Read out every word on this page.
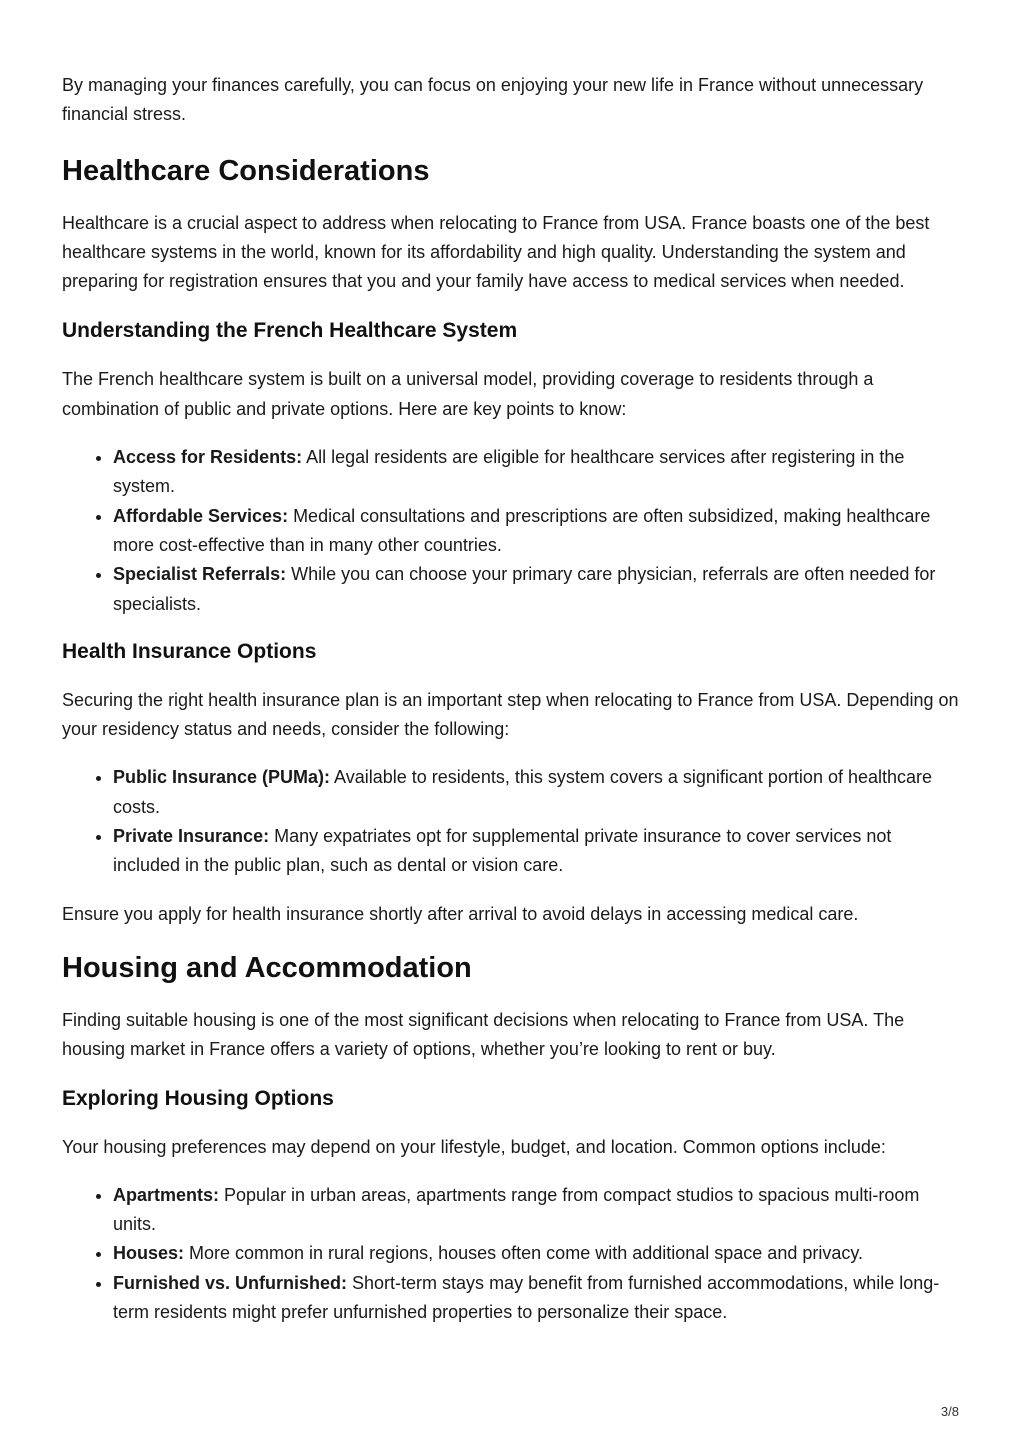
By managing your finances carefully, you can focus on enjoying your new life in France without unnecessary financial stress.

Healthcare Considerations

Healthcare is a crucial aspect to address when relocating to France from USA. France boasts one of the best healthcare systems in the world, known for its affordability and high quality. Understanding the system and preparing for registration ensures that you and your family have access to medical services when needed.

Understanding the French Healthcare System

The French healthcare system is built on a universal model, providing coverage to residents through a combination of public and private options. Here are key points to know:

• Access for Residents: All legal residents are eligible for healthcare services after registering in the system.
• Affordable Services: Medical consultations and prescriptions are often subsidized, making healthcare more cost-effective than in many other countries.
• Specialist Referrals: While you can choose your primary care physician, referrals are often needed for specialists.
Health Insurance Options

Securing the right health insurance plan is an important step when relocating to France from USA. Depending on your residency status and needs, consider the following:

• Public Insurance (PUMa): Available to residents, this system covers a significant portion of healthcare costs.
• Private Insurance: Many expatriates opt for supplemental private insurance to cover services not included in the public plan, such as dental or vision care.

Ensure you apply for health insurance shortly after arrival to avoid delays in accessing medical care.

Housing and Accommodation

Finding suitable housing is one of the most significant decisions when relocating to France from USA. The housing market in France offers a variety of options, whether you’re looking to rent or buy.

Exploring Housing Options

Your housing preferences may depend on your lifestyle, budget, and location. Common options include:

• Apartments: Popular in urban areas, apartments range from compact studios to spacious multi-room units.
• Houses: More common in rural regions, houses often come with additional space and privacy.
• Furnished vs. Unfurnished: Short-term stays may benefit from furnished accommodations, while long-term residents might prefer unfurnished properties to personalize their space.
3/8
